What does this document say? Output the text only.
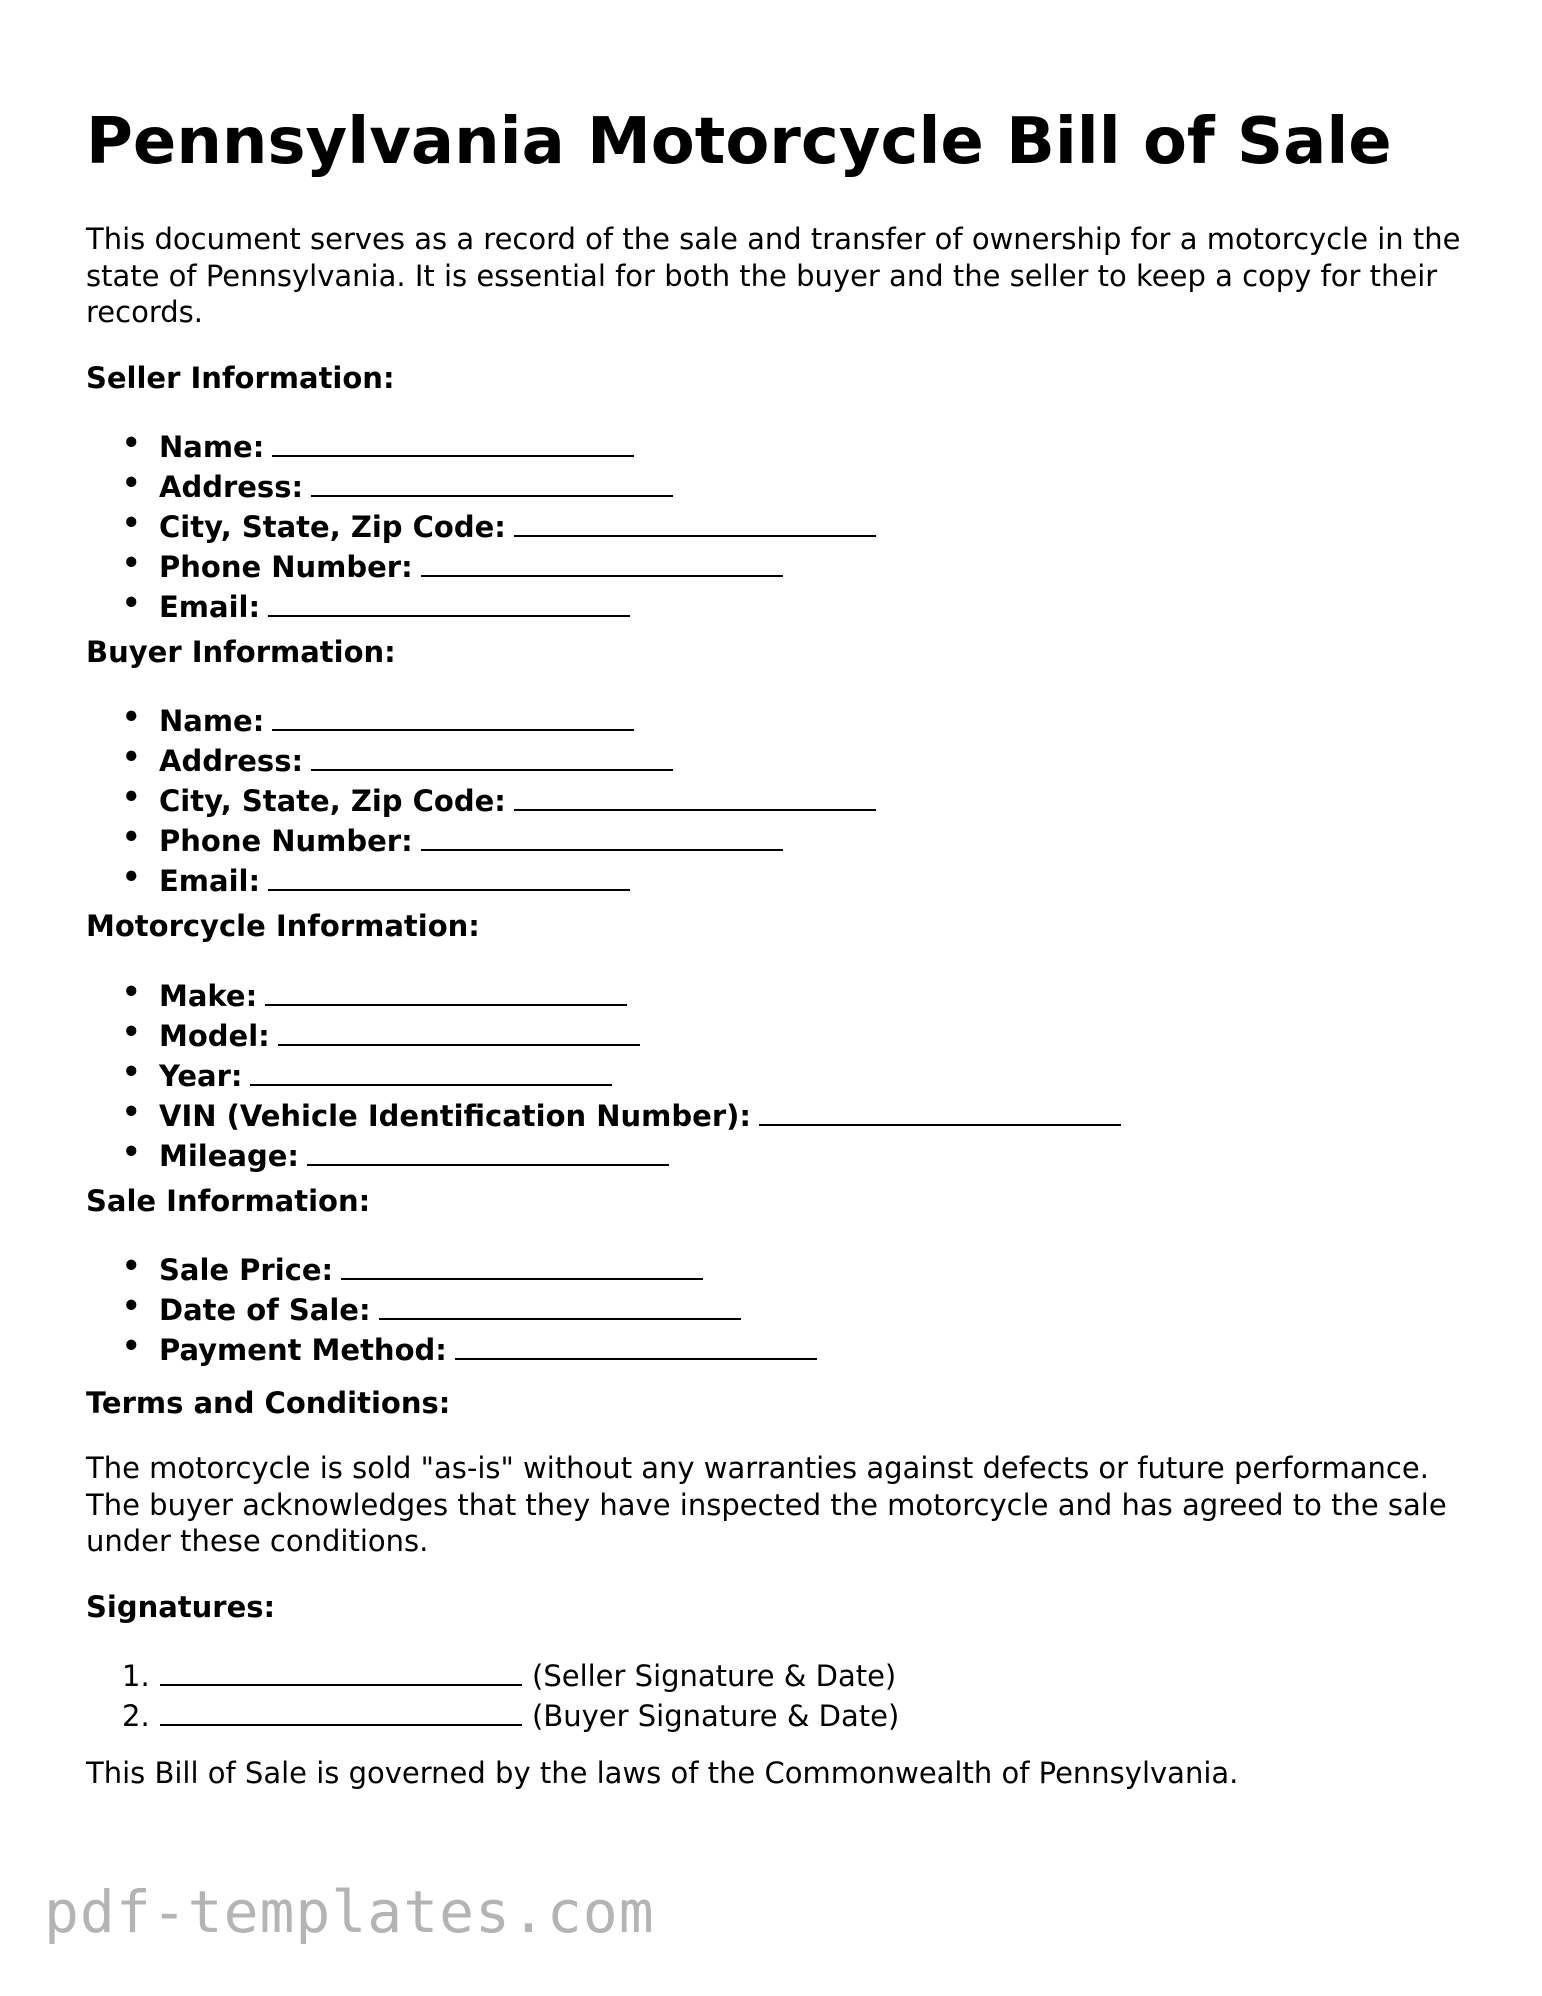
Pennsylvania Motorcycle Bill of Sale

This document serves as a record of the sale and transfer of ownership for a motorcycle in the state of Pennsylvania. It is essential for both the buyer and the seller to keep a copy for their records.

Seller Information:
• Name:
• Address:
• City, State, Zip Code:
• Phone Number:
• Email:
Buyer Information:
• Name:
• Address:
• City, State, Zip Code:
• Phone Number:
• Email:
Motorcycle Information:
• Make:
• Model:
• Year:
• VIN (Vehicle Identification Number):
• Mileage:
Sale Information:
• Sale Price:
• Date of Sale:
• Payment Method:
Terms and Conditions:

The motorcycle is sold "as-is" without any warranties against defects or future performance. The buyer acknowledges that they have inspected the motorcycle and has agreed to the sale under these conditions.

Signatures:
1.	(Seller Signature & Date)
2.	(Buyer Signature & Date)

This Bill of Sale is governed by the laws of the Commonwealth of Pennsylvania.

pdf-templates.com
